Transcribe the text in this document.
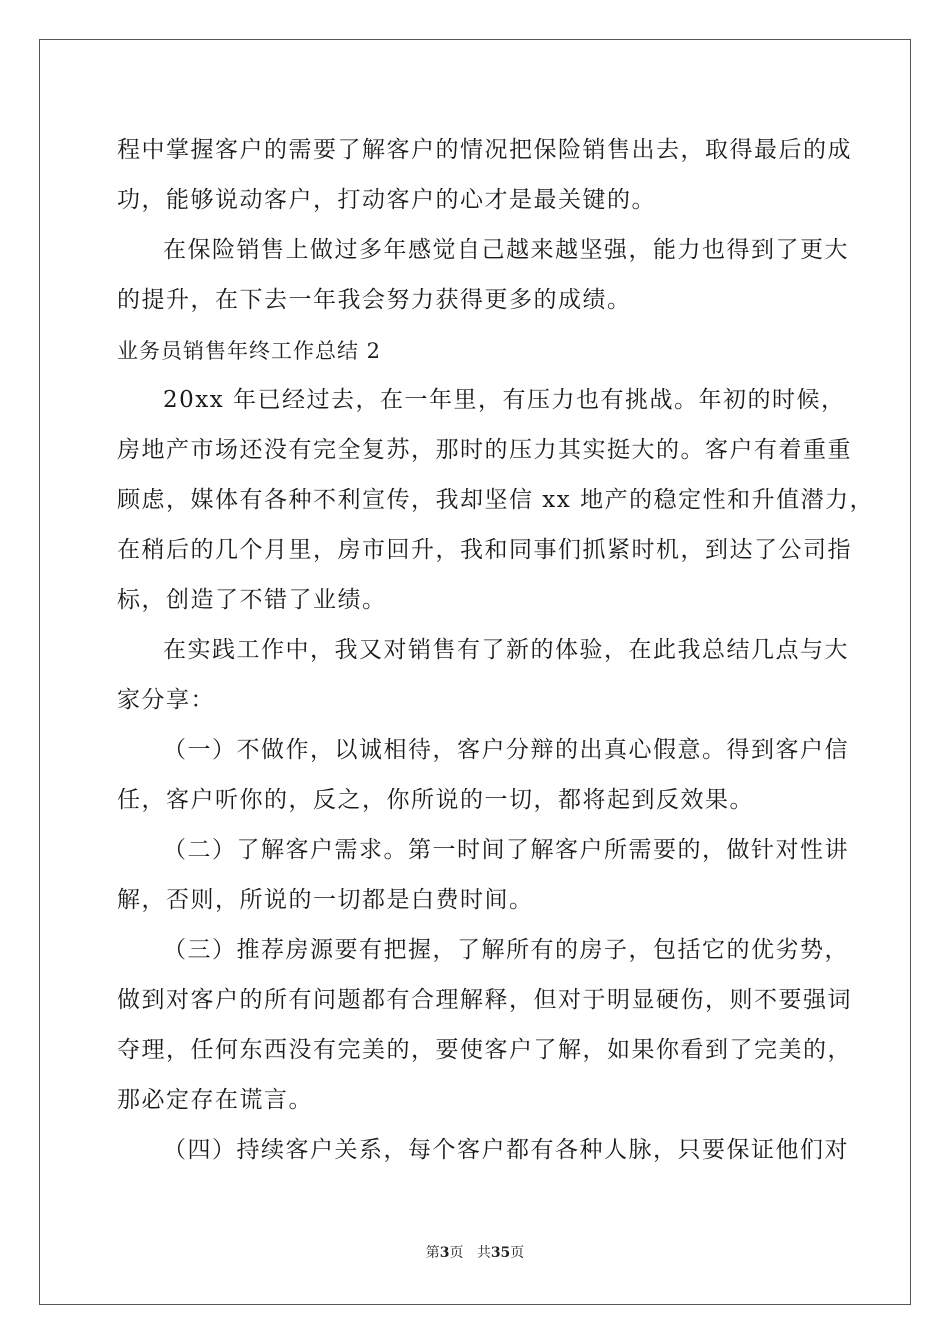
程中掌握客户的需要了解客户的情况把保险销售出去，取得最后的成
功，能够说动客户，打动客户的心才是最关键的。
在保险销售上做过多年感觉自己越来越坚强，能力也得到了更大
的提升，在下去一年我会努力获得更多的成绩。
业务员销售年终工作总结 2
20xx 年已经过去，在一年里，有压力也有挑战。年初的时候，
房地产市场还没有完全复苏，那时的压力其实挺大的。客户有着重重
顾虑，媒体有各种不利宣传，我却坚信 xx 地产的稳定性和升值潜力，
在稍后的几个月里，房市回升，我和同事们抓紧时机，到达了公司指
标，创造了不错了业绩。
在实践工作中，我又对销售有了新的体验，在此我总结几点与大
家分享：
（一）不做作，以诚相待，客户分辩的出真心假意。得到客户信
任，客户听你的，反之，你所说的一切，都将起到反效果。
（二）了解客户需求。第一时间了解客户所需要的，做针对性讲
解，否则，所说的一切都是白费时间。
（三）推荐房源要有把握，了解所有的房子，包括它的优劣势，
做到对客户的所有问题都有合理解释，但对于明显硬伤，则不要强词
夺理，任何东西没有完美的，要使客户了解，如果你看到了完美的，
那必定存在谎言。
（四）持续客户关系，每个客户都有各种人脉，只要保证他们对
第3页 共35页
